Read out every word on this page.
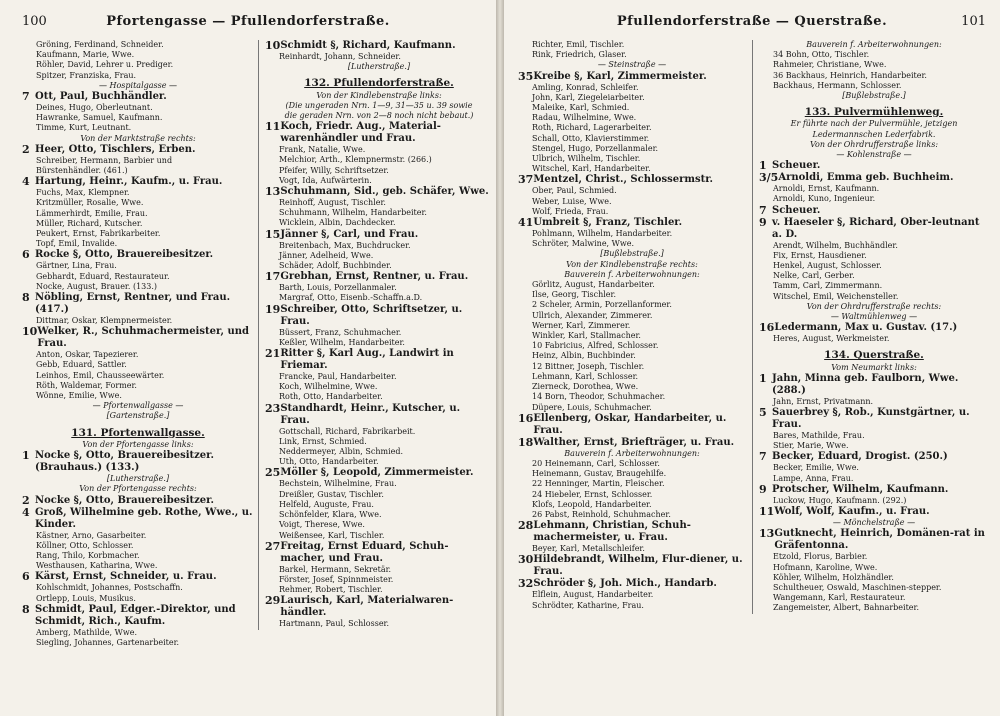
100	Pfortengasse — Pfullendorferstraße.
Gröning, Ferdinand, Schneider.
Kaufmann, Marie, Wwe.
Röhler, David, Lehrer u. Prediger.
Spitzer, Franziska, Frau.
— Hospitalgasse —
7 Ott, Paul, Buchhändler.
Deines, Hugo, Oberleutnant.
Hawranke, Samuel, Kaufmann.
Timme, Kurt, Leutnant.
Von der Marktstraße rechts:
2 Heer, Otto, Tischlers, Erben.
Schreiber, Hermann, Barbier und
Bürstenhändler. (461.)
4 Hartung, Heinr., Kaufm., u. Frau.
Fuchs, Max, Klempner.
Kritzmüller, Rosalie, Wwe.
Lämmerhirdt, Emilie, Frau.
Müller, Richard, Kutscher.
Peukert, Ernst, Fabrikarbeiter.
Topf, Emil, Invalide.
6 Rocke §, Otto, Brauereibesitzer.
Gärtner, Lina, Frau.
Gebhardt, Eduard, Restaurateur.
Nocke, August, Brauer. (133.)
8 Nöbling, Ernst, Rentner, und Frau. (417.)
Dittmar, Oskar, Klempnermeister.
10 Welker, R., Schuhmachermeister, und Frau.
Anton, Oskar, Tapezierer.
Gebb, Eduard, Sattler.
Leinhos, Emil, Chausseewärter.
Röth, Waldemar, Former.
Wönne, Emilie, Wwe.
— Pfortenwallgasse —
[Gartenstraße.]
131. Pfortenwallgasse.
Von der Pfortengasse links:
1 Nocke §, Otto, Brauereibesitzer. (Brauhaus.) (133.)
[Lutherstraße.]
Von der Pfortengasse rechts:
2 Nocke §, Otto, Brauereibesitzer.
4 Groß, Wilhelmine geb. Rothe, Wwe., u. Kinder.
Kästner, Arno, Gasarbeiter.
Köllner, Otto, Schlosser.
Rang, Thilo, Korbmacher.
Westhausen, Katharina, Wwe.
6 Kärst, Ernst, Schneider, u. Frau.
Kohlschmidt, Johannes, Postschaffn.
Ortlepp, Louis, Musikus.
8 Schmidt, Paul, Edger.-Direktor, und Schmidt, Rich., Kaufm.
Amberg, Mathilde, Wwe.
Siegling, Johannes, Gartenarbeiter.
10 Schmidt §, Richard, Kaufmann.
Reinhardt, Johann, Schneider.
[Lutherstraße.]
132. Pfullendorferstraße.
Von der Kindlebenstraße links:
(Die ungeraden Nrn. 1—9, 31—35 u. 39 sowie
die geraden Nrn. von 2—8 noch nicht bebaut.)
11 Koch, Friedr. Aug., Material-warenhändler und Frau.
Frank, Natalie, Wwe.
Melchior, Arth., Klempnermstr. (266.)
Pfeifer, Willy, Schriftsetzer.
Vogt, Ida, Aufwärterin.
13 Schuhmann, Sid., geb. Schäfer, Wwe.
Reinhoff, August, Tischler.
Schuhmann, Wilhelm, Handarbeiter.
Wicklein, Albin, Dachdecker.
15 Jänner §, Carl, und Frau.
Breitenbach, Max, Buchdrucker.
Jänner, Adelheid, Wwe.
Schäder, Adolf, Buchbinder.
17 Grebhan, Ernst, Rentner, u. Frau.
Barth, Louis, Porzellanmaler.
Margraf, Otto, Eisenb.-Schaffn.a.D.
19 Schreiber, Otto, Schriftsetzer, u. Frau.
Büssert, Franz, Schuhmacher.
Keßler, Wilhelm, Handarbeiter.
21 Ritter §, Karl Aug., Landwirt in Friemar.
Francke, Paul, Handarbeiter.
Koch, Wilhelmine, Wwe.
Roth, Otto, Handarbeiter.
23 Standhardt, Heinr., Kutscher, u. Frau.
Gottschall, Richard, Fabrikarbeit.
Link, Ernst, Schmied.
Neddermeyer, Albin, Schmied.
Uth, Otto, Handarbeiter.
25 Möller §, Leopold, Zimmermeister.
Bechstein, Wilhelmine, Frau.
Dreißler, Gustav, Tischler.
Helfeld, Auguste, Frau.
Schönfelder, Klara, Wwe.
Voigt, Therese, Wwe.
Weißensee, Karl, Tischler.
27 Freitag, Ernst Eduard, Schuh-macher, und Frau.
Barkel, Hermann, Sekretär.
Förster, Josef, Spinnmeister.
Rehmer, Robert, Tischler.
29 Laurisch, Karl, Materialwaren-händler.
Hartmann, Paul, Schlosser.
Pfullendorferstraße — Querstraße.	101
Richter, Emil, Tischler.
Rink, Friedrich, Glaser.
— Steinstraße —
35 Kreibe §, Karl, Zimmermeister.
Amling, Konrad, Schleifer.
John, Karl, Ziegeleiarbeiter.
Maleike, Karl, Schmied.
Radau, Wilhelmine, Wwe.
Roth, Richard, Lagerarbeiter.
Schall, Otto, Klavierstimmer.
Stengel, Hugo, Porzellanmaler.
Ulbrich, Wilhelm, Tischler.
Witschel, Karl, Handarbeiter.
37 Mentzel, Christ., Schlossermstr.
Ober, Paul, Schmied.
Weber, Luise, Wwe.
Wolf, Frieda, Frau.
41 Umbreit §, Franz, Tischler.
Pohlmann, Wilhelm, Handarbeiter.
Schröter, Malwine, Wwe.
[Bußlebstraße.]
Von der Kindlebenstraße rechts:
Bauverein f. Arbeiterwohnungen:
Görlitz, August, Handarbeiter.
Ilse, Georg, Tischler.
2 Scheler, Armin, Porzellanformer.
Ullrich, Alexander, Zimmerer.
Werner, Karl, Zimmerer.
Winkler, Karl, Stallmacher.
10 Fabricius, Alfred, Schlosser.
Heinz, Albin, Buchbinder.
12 Bittner, Joseph, Tischler.
Lehmann, Karl, Schlosser.
Zierneck, Dorothea, Wwe.
14 Born, Theodor, Schuhmacher.
Düpere, Louis, Schuhmacher.
16 Ellenberg, Oskar, Handarbeiter, u. Frau.
18 Walther, Ernst, Briefträger, u. Frau.
Bauverein f. Arbeiterwohnungen:
20 Heinemann, Carl, Schlosser.
Heinemann, Gustav, Braugehilfe.
22 Henninger, Martin, Fleischer.
24 Hiebeler, Ernst, Schlosser.
Klofs, Leopold, Handarbeiter.
26 Pabst, Reinhold, Schuhmacher.
28 Lehmann, Christian, Schuh-machermeister, u. Frau.
Beyer, Karl, Metallschleifer.
30 Hildebrandt, Wilhelm, Flur-diener, u. Frau.
32 Schröder §, Joh. Mich., Handarb.
Elflein, August, Handarbeiter.
Schrödter, Katharine, Frau.
Bauverein f. Arbeiterwohnungen:
34 Bohn, Otto, Tischler.
Rahmeier, Christiane, Wwe.
36 Backhaus, Heinrich, Handarbeiter.
Backhaus, Hermann, Schlosser.
[Bußlebstraße.]
133. Pulvermühlenweg.
Er führte nach der Pulvermühle, jetzigen
Ledermannschen Lederfabrik.
Von der Ohrdrufferstraße links:
— Kohlenstraße —
1 Scheuer.
3/5 Arnoldi, Emma geb. Buchheim.
Arnoldi, Ernst, Kaufmann.
Arnoldi, Kuno, Ingenieur.
7 Scheuer.
9 v. Haeseler §, Richard, Ober-leutnant a. D.
Arendt, Wilhelm, Buchhändler.
Fix, Ernst, Hausdiener.
Henkel, August, Schlosser.
Nelke, Carl, Gerber.
Tamm, Carl, Zimmermann.
Witschel, Emil, Weichensteller.
Von der Ohrdrufferstraße rechts:
— Waltmühlenweg —
16 Ledermann, Max u. Gustav. (17.)
Heres, August, Werkmeister.
134. Querstraße.
Vom Neumarkt links:
1 Jahn, Minna geb. Faulborn, Wwe. (288.)
Jahn, Ernst, Privatmann.
5 Sauerbrey §, Rob., Kunstgärtner, u. Frau.
Bares, Mathilde, Frau.
Stier, Marie, Wwe.
7 Becker, Eduard, Drogist. (250.)
Becker, Emilie, Wwe.
Lampe, Anna, Frau.
9 Protscher, Wilhelm, Kaufmann.
Luckow, Hugo, Kaufmann. (292.)
11 Wolf, Wolf, Kaufm., u. Frau.
— Mönchelstraße —
13 Gutknecht, Heinrich, Domänen-rat in Gräfentonna.
Etzold, Florus, Barbier.
Hofmann, Karoline, Wwe.
Köhler, Wilhelm, Holzhändler.
Schultheuer, Oswald, Maschinen-stepper.
Wangemann, Karl, Restaurateur.
Zangemeister, Albert, Bahnarbeiter.
